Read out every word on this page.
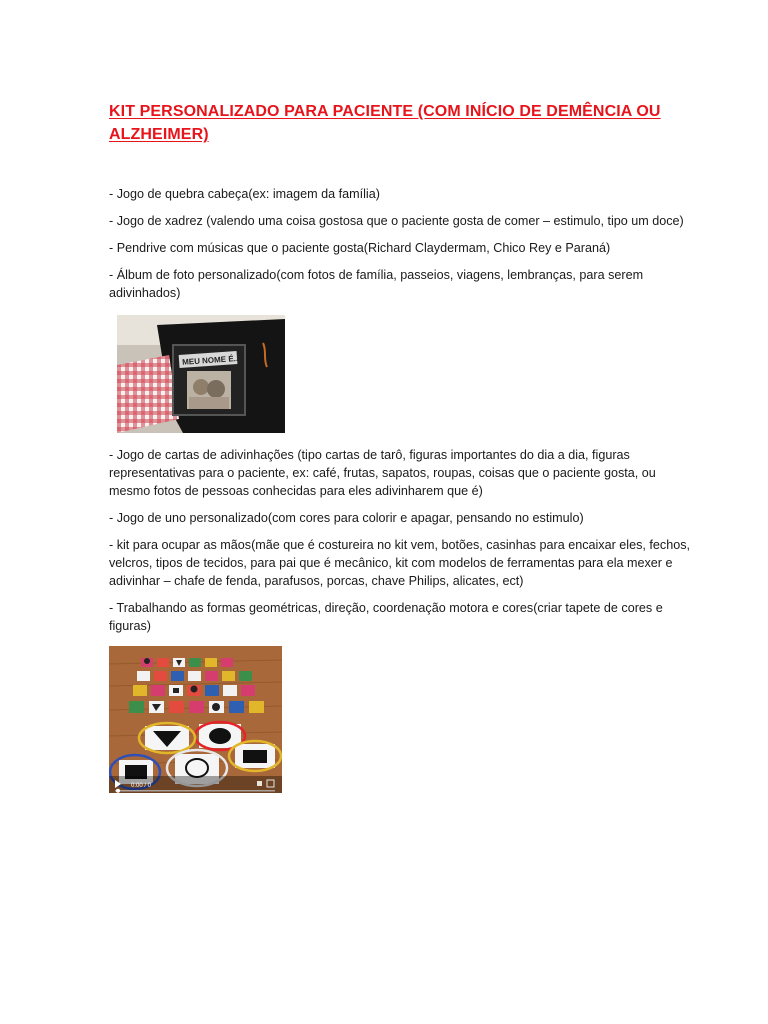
KIT PERSONALIZADO PARA PACIENTE (COM INÍCIO DE DEMÊNCIA OU ALZHEIMER)

- Jogo de quebra cabeça(ex: imagem da família)

- Jogo de xadrez (valendo uma coisa gostosa que o paciente gosta de comer – estimulo, tipo um doce)

- Pendrive com músicas que o paciente gosta(Richard Claydermam, Chico Rey e Paraná)

- Álbum de foto personalizado(com fotos de família, passeios, viagens, lembranças, para serem adivinhados)

MEU NOME É...

- Jogo de cartas de adivinhações (tipo cartas de tarô, figuras importantes do dia a dia, figuras representativas para o paciente, ex: café, frutas, sapatos, roupas, coisas que o paciente gosta, ou mesmo fotos de pessoas conhecidas para eles adivinharem que é)

- Jogo de uno personalizado(com cores para colorir e apagar, pensando no estimulo)

- kit para ocupar as mãos(mãe que é costureira no kit vem, botões, casinhas para encaixar eles, fechos, velcros, tipos de tecidos, para pai que é mecânico, kit com modelos de ferramentas para ela mexer e adivinhar – chafe de fenda, parafusos, porcas, chave Philips, alicates, ect)

- Trabalhando as formas geométricas, direção, coordenação motora e cores(criar tapete de cores e figuras)

0:00 / 0
